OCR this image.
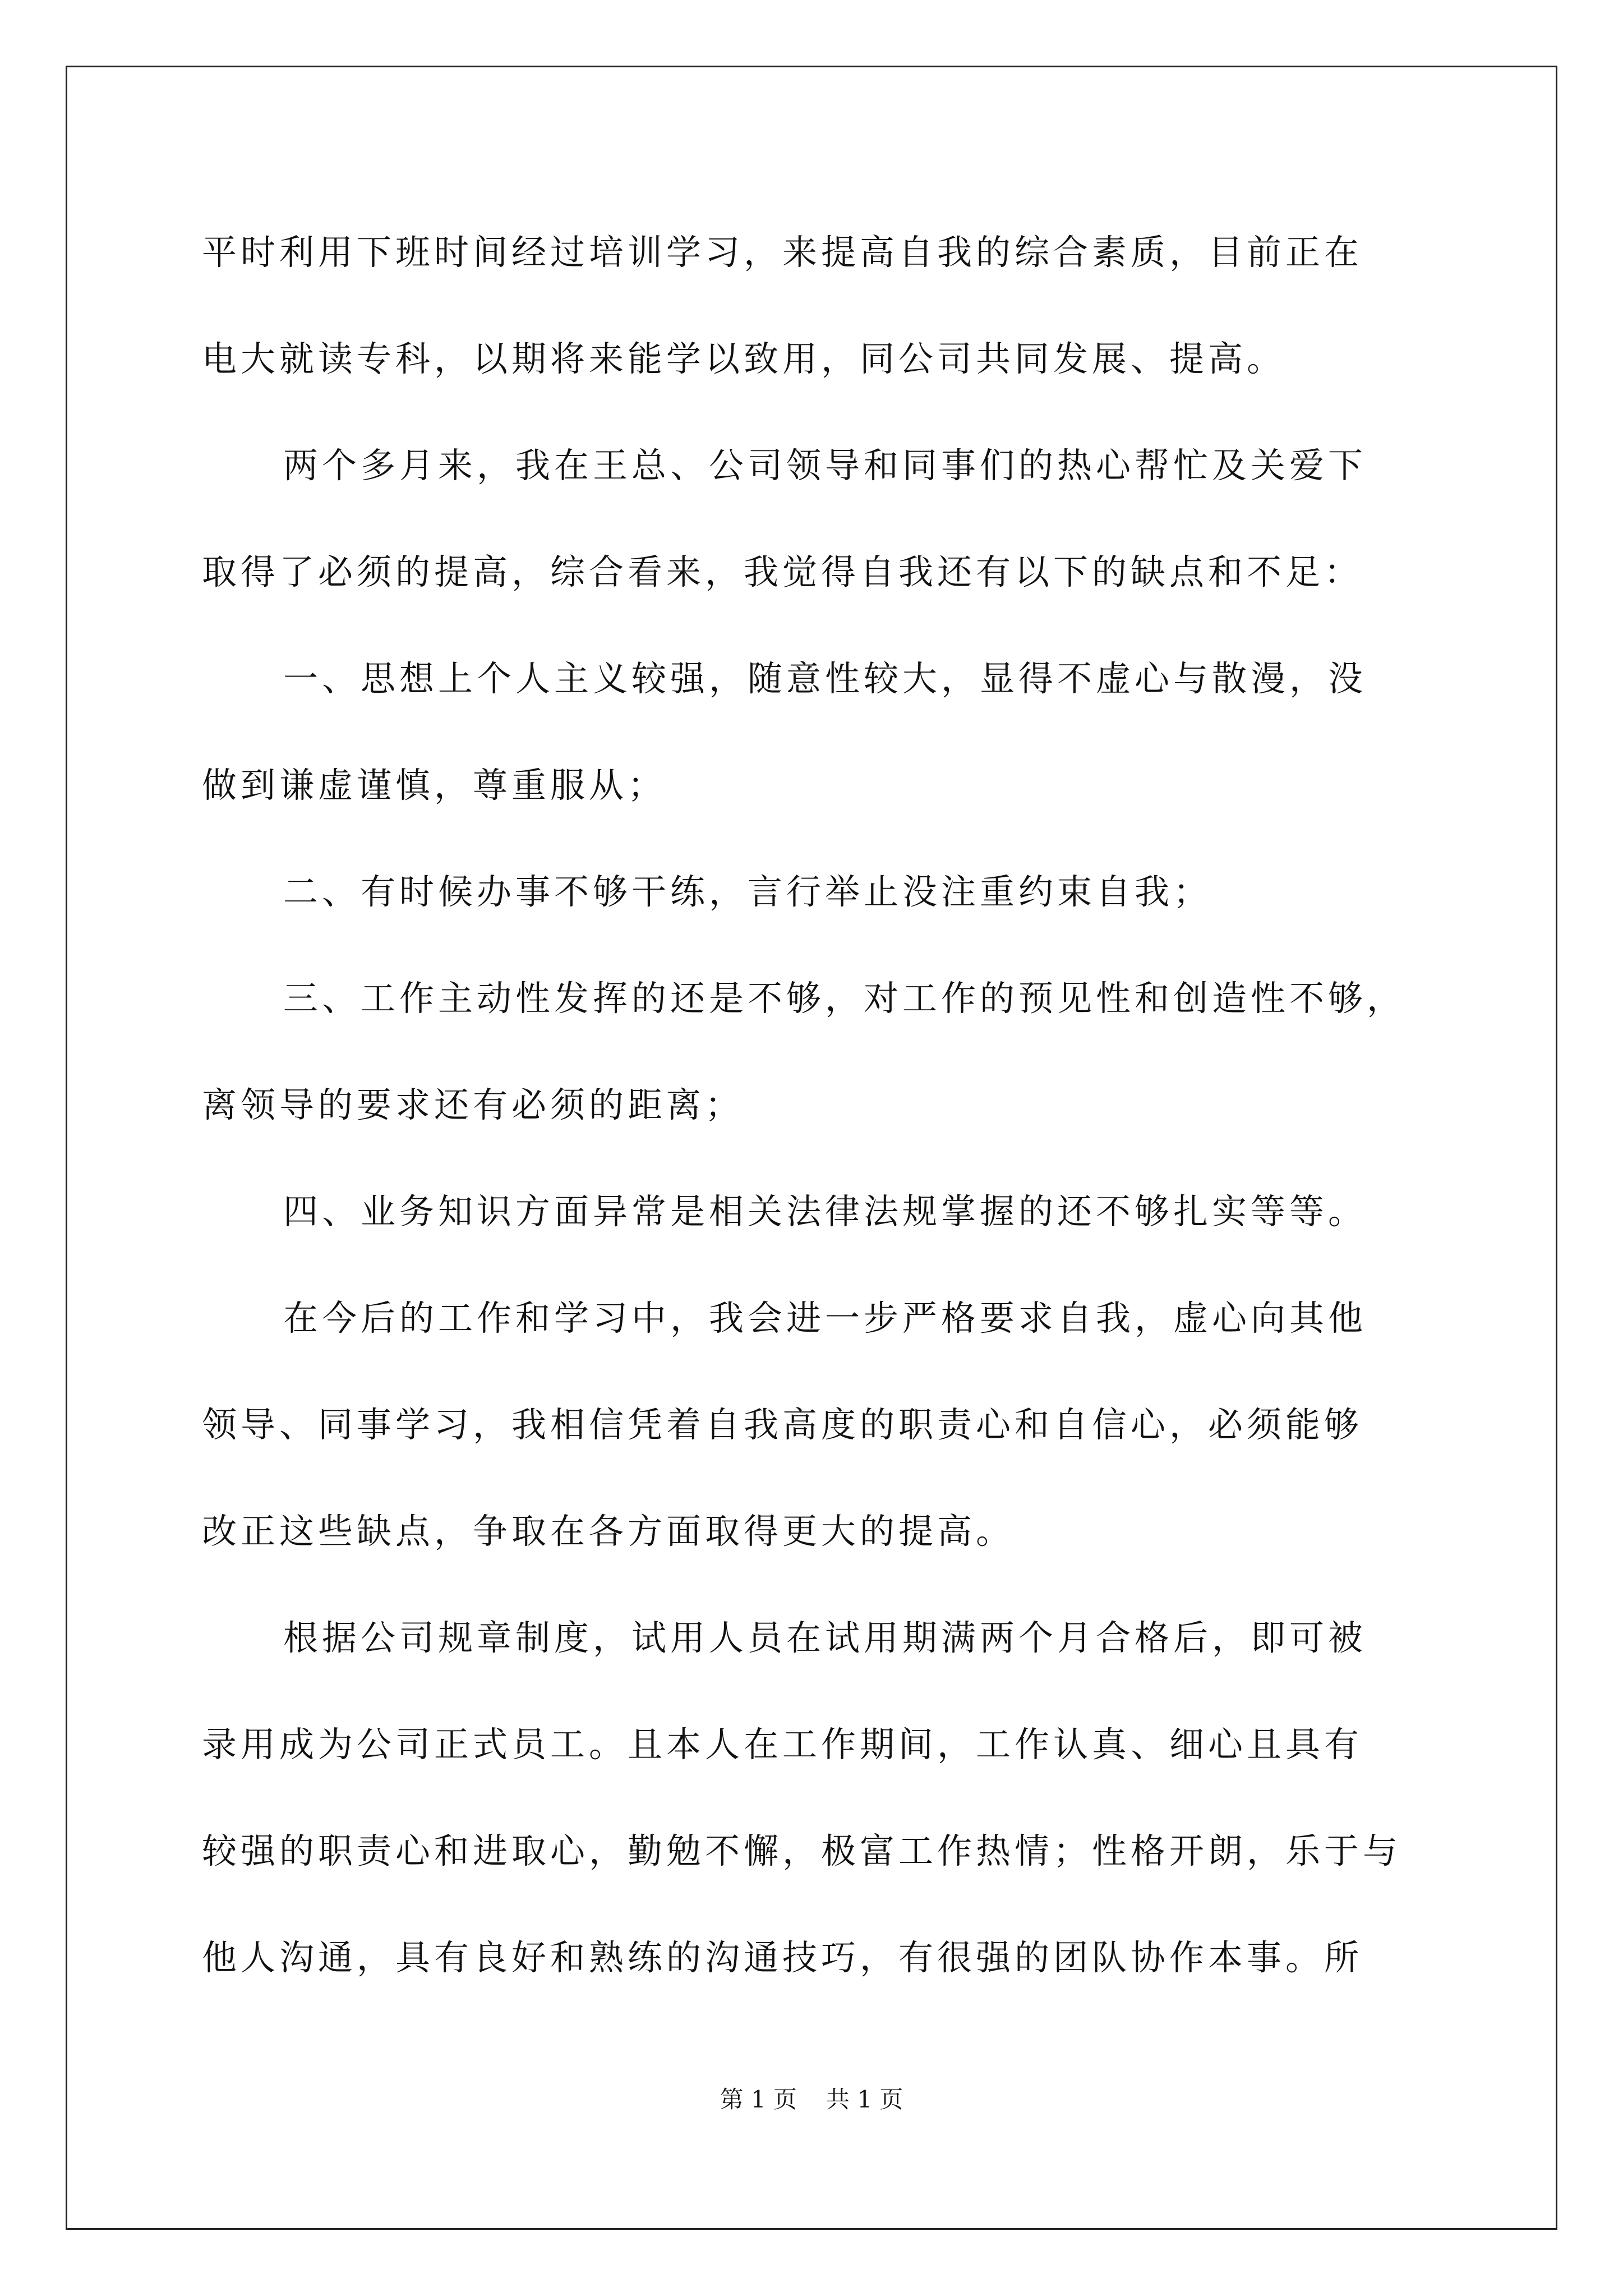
平时利用下班时间经过培训学习，来提高自我的综合素质，目前正在
电大就读专科，以期将来能学以致用，同公司共同发展、提高。
两个多月来，我在王总、公司领导和同事们的热心帮忙及关爱下
取得了必须的提高，综合看来，我觉得自我还有以下的缺点和不足：
一、思想上个人主义较强，随意性较大，显得不虚心与散漫，没
做到谦虚谨慎，尊重服从；
二、有时候办事不够干练，言行举止没注重约束自我；
三、工作主动性发挥的还是不够，对工作的预见性和创造性不够，
离领导的要求还有必须的距离；
四、业务知识方面异常是相关法律法规掌握的还不够扎实等等。
在今后的工作和学习中，我会进一步严格要求自我，虚心向其他
领导、同事学习，我相信凭着自我高度的职责心和自信心，必须能够
改正这些缺点，争取在各方面取得更大的提高。
根据公司规章制度，试用人员在试用期满两个月合格后，即可被
录用成为公司正式员工。且本人在工作期间，工作认真、细心且具有
较强的职责心和进取心，勤勉不懈，极富工作热情；性格开朗，乐于与
他人沟通，具有良好和熟练的沟通技巧，有很强的团队协作本事。所
第 1 页 共 1 页
